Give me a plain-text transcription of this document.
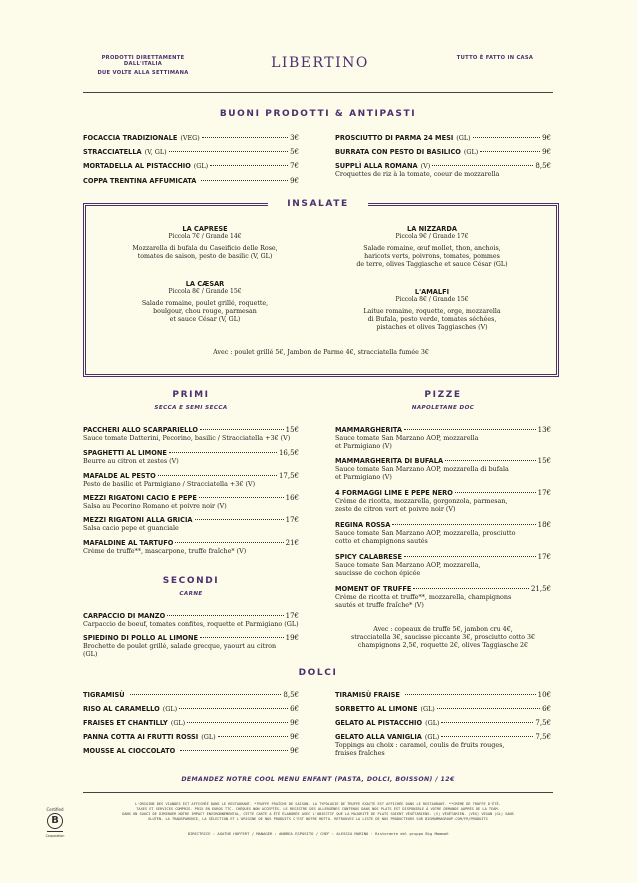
PRODOTTI DIRETTAMENTE DALL'ITALIA
DUE VOLTE ALLA SETTIMANA
LIBERTINO	TUTTO È FATTO IN CASA
BUONI PRODOTTI & ANTIPASTI
FOCACCIA TRADIZIONALE (VEG)	3€
STRACCIATELLA (V, GL)	5€
MORTADELLA AL PISTACCHIO (GL)	7€
COPPA TRENTINA AFFUMICATA	9€
PROSCIUTTO DI PARMA 24 MESI (GL)	9€
BURRATA CON PESTO DI BASILICO (GL)	9€
SUPPLÌ ALLA ROMANA (V)	8,5€
Croquettes de riz à la tomate, coeur de mozzarella
INSALATE
LA CAPRESE
Piccola 7€ / Grande 14€
Mozzarella di bufala du Caseificio delle Rose,
tomates de saison, pesto de basilic (V, GL)
LA NIZZARDA
Piccola 9€ / Grande 17€
Salade romaine, œuf mollet, thon, anchois,
haricots verts, poivrons, tomates, pommes
de terre, olives Taggiasche et sauce César (GL)
LA CÆSAR
Piccola 8€ / Grande 15€
Salade romaine, poulet grillé, roquette,
boulgour, chou rouge, parmesan
et sauce César (V, GL)
L'AMALFI
Piccola 8€ / Grande 15€
Laitue romaine, roquette, orge, mozzarella
di Bufala, pesto verde, tomates séchées,
pistaches et olives Taggiasches (V)
Avec : poulet grillé 5€, Jambon de Parme 4€, stracciatella fumée 3€
PRIMI
SECCA E SEMI SECCA
PACCHERI ALLO SCARPARIELLO	15€
Sauce tomate Datterini, Pecorino, basilic / Stracciatella +3€ (V)
SPAGHETTI AL LIMONE	16,5€
Beurre au citron et zestes (V)
MAFALDE AL PESTO	17,5€
Pesto de basilic et Parmigiano / Stracciatella +3€ (V)
MEZZI RIGATONI CACIO E PEPE	16€
Salsa au Pecorino Romano et poivre noir (V)
MEZZI RIGATONI ALLA GRICIA	17€
Salsa cacio pepe et guanciale
MAFALDINE AL TARTUFO	21€
Crème de truffe**, mascarpone, truffe fraîche* (V)
SECONDI
CARNE
CARPACCIO DI MANZO	17€
Carpaccio de boeuf, tomates confites, roquette et Parmigiano (GL)
SPIEDINO DI POLLO AL LIMONE	19€
Brochette de poulet grillé, salade grecque, yaourt au citron
(GL)
PIZZE
NAPOLETANE DOC
MAMMARGHERITA	13€
Sauce tomate San Marzano AOP, mozzarella
et Parmigiano (V)
MAMMARGHERITA DI BUFALA	15€
Sauce tomate San Marzano AOP, mozzarella di bufala
et Parmigiano (V)
4 FORMAGGI LIME E PEPE NERO	17€
Crème de ricotta, mozzarella, gorgonzola, parmesan,
zeste de citron vert et poivre noir (V)
REGINA ROSSA	18€
Sauce tomate San Marzano AOP, mozzarella, prosciutto
cotto et champignons sautés
SPICY CALABRESE	17€
Sauce tomate San Marzano AOP, mozzarella,
saucisse de cochon épicée
MOMENT OF TRUFFE	21,5€
Crème de ricotta et truffe**, mozzarella, champignons
sautés et truffe fraîche* (V)
Avec : copeaux de truffe 5€, jambon cru 4€,
stracciatella 3€, saucisse piccante 3€, prosciutto cotto 3€
champignons 2,5€, roquette 2€, olives Taggiasche 2€
DOLCI
TIGRAMISÙ	8,5€
RISO AL CARAMELLO (GL)	6€
FRAISES ET CHANTILLY (GL)	9€
PANNA COTTA AI FRUTTI ROSSI (GL)	9€
MOUSSE AL CIOCCOLATO	9€
TIRAMISÙ FRAISE	10€
SORBETTO AL LIMONE (GL)	6€
GELATO AL PISTACCHIO (GL)	7,5€
GELATO ALLA VANIGLIA (GL)	7,5€
Toppings au choix : caramel, coulis de fruits rouges,
fraises fraîches
DEMANDEZ NOTRE COOL MENU ENFANT (PASTA, DOLCI, BOISSON) / 12€
L'ORIGINE DES VIANDES EST AFFICHÉE DANS LE RESTAURANT. *TRUFFE FRAÎCHE DE SAISON. LA TYPOLOGIE DE TRUFFE EXACTE EST AFFICHÉE DANS LE RESTAURANT. **CRÈME DE TRUFFE D'ÉTÉ.
TAXES ET SERVICES COMPRIS. PRIX EN EUROS TTC. CHÈQUES NON ACCEPTÉS. LE REGISTRE DES ALLERGÈNES CONTENUS DANS NOS PLATS EST DISPONIBLE À VOTRE DEMANDE AUPRÈS DE LA TEAM.
DANS UN SOUCI DE DIMINUER NOTRE IMPACT ENVIRONNEMENTAL, CETTE CARTE A ÉTÉ ÉLABORÉE AVEC L'OBJECTIF QUE LA MAJORITÉ DE PLATS SOIENT VÉGÉTARIENS. (V) VÉGÉTARIEN. (VEG) VEGAN (GL) SANS
GLUTEN. LA TRANSPARENCE, LA SÉLECTION ET L'ORIGINE DE NOS PRODUITS C'EST NOTRE MOTTO. RETROUVEZ LA LISTE DE NOS PRODUCTEURS SUR BIGMAMMAGROUP.COM/FR/PRODUITS
DIRECTRICE : AGATHE HOFFERT / MANAGER : ANDREA ESPOSITO / CHEF : ALESSIA MARINO · Ristorante del gruppo Big Mamma®
Certified
B
Corporation
